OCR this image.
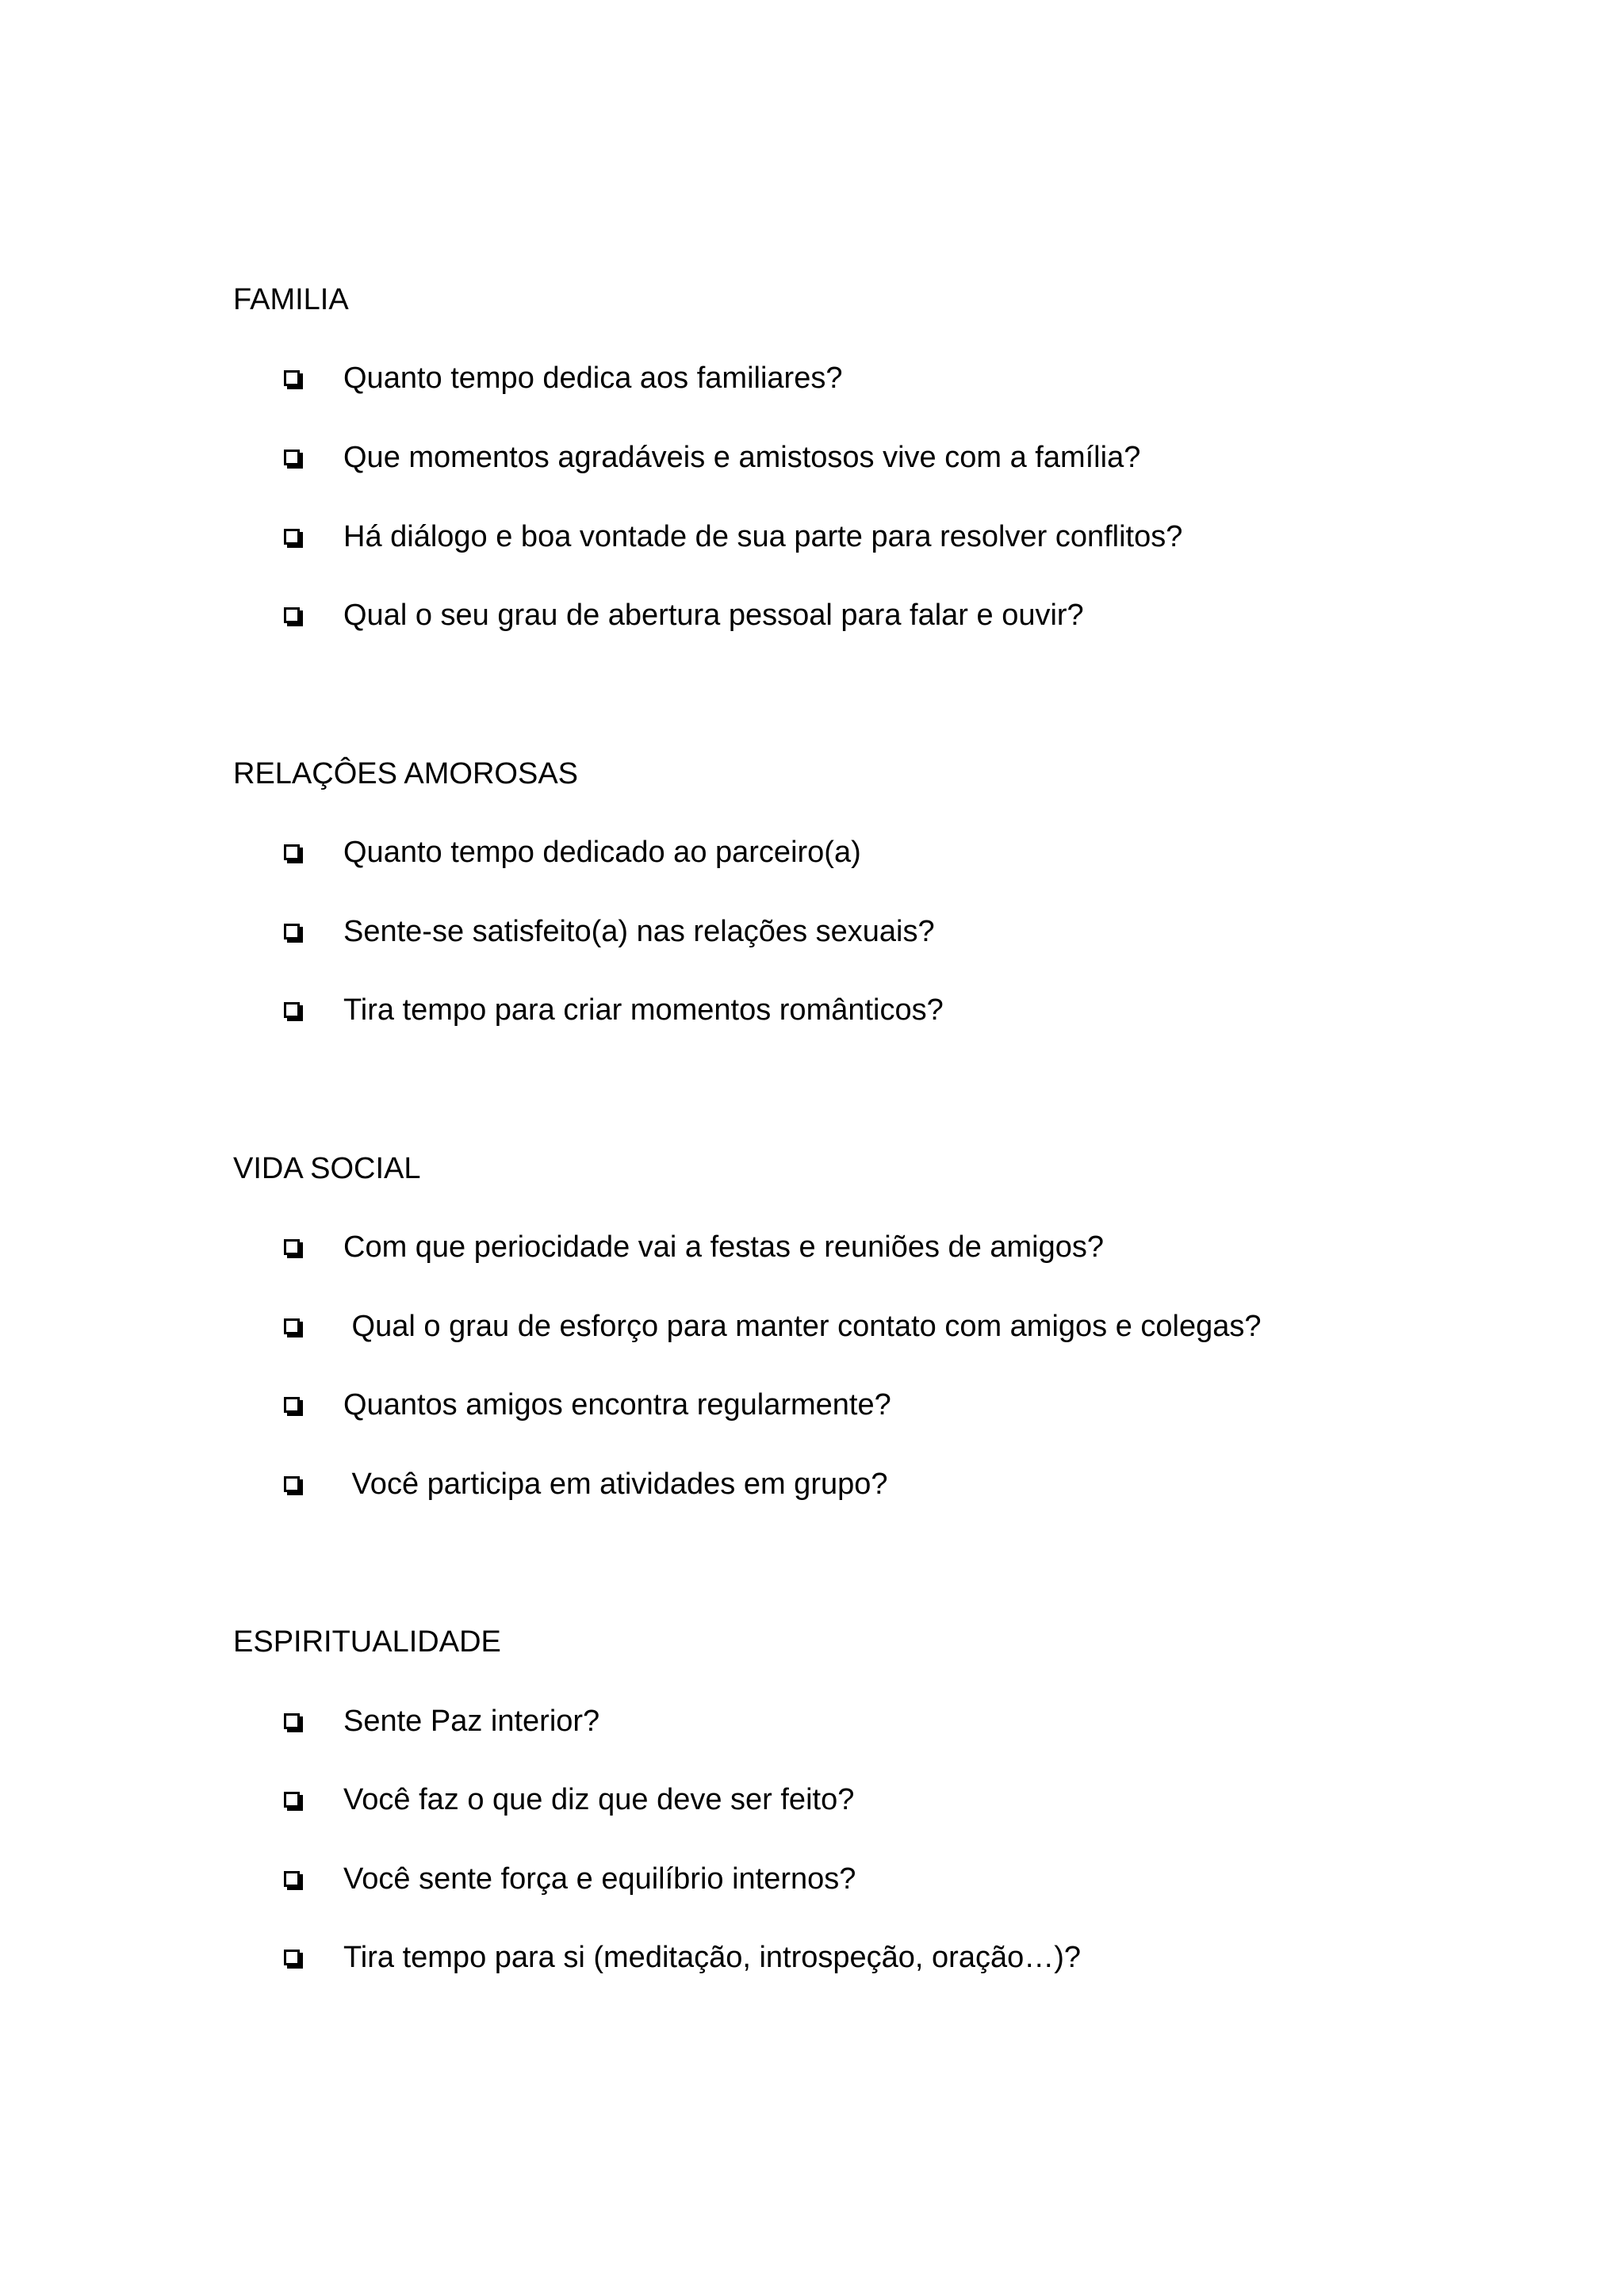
FAMILIA
Quanto tempo dedica aos familiares?
Que momentos agradáveis e amistosos vive com a família?
Há diálogo e boa vontade de sua parte para resolver conflitos?
Qual o seu grau de abertura pessoal para falar e ouvir?
RELAÇÔES AMOROSAS
Quanto tempo dedicado ao parceiro(a)
Sente-se satisfeito(a) nas relações sexuais?
Tira tempo para criar momentos românticos?
VIDA SOCIAL
Com que periocidade vai a festas e reuniões de amigos?
Qual o grau de esforço para manter contato com amigos e colegas?
Quantos amigos encontra regularmente?
Você participa em atividades em grupo?
ESPIRITUALIDADE
Sente Paz interior?
Você faz o que diz que deve ser feito?
Você sente força e equilíbrio internos?
Tira tempo para si (meditação, introspeção, oração…)?
